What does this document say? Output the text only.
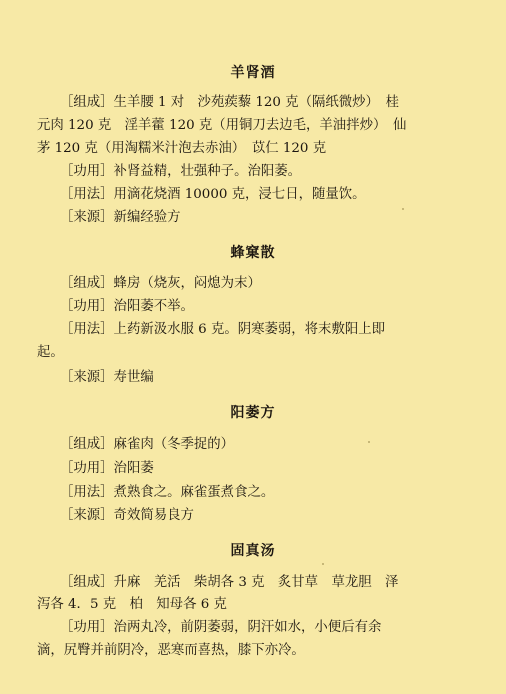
羊肾酒
［组成］生羊腰 1 对　沙苑蒺藜 120 克（隔纸微炒）　桂
元肉 120 克　淫羊藿 120 克（用铜刀去边毛，羊油拌炒）　仙
茅 120 克（用淘糯米汁泡去赤油）　苡仁 120 克
［功用］补肾益精，壮强种子。治阳萎。
［用法］用滴花烧酒 10000 克，浸七日，随量饮。
［来源］新编经验方
蜂窠散
［组成］蜂房（烧灰，闷熄为末）
［功用］治阳萎不举。
［用法］上药新汲水服 6 克。阴寒萎弱，将末敷阳上即
起。
［来源］寿世编
阳萎方
［组成］麻雀肉（冬季捉的）
［功用］治阳萎
［用法］煮熟食之。麻雀蛋煮食之。
［来源］奇效简易良方
固真汤
［组成］升麻　羌活　柴胡各 3 克　炙甘草　草龙胆　泽
泻各 4．5 克　柏　知母各 6 克
［功用］治两丸冷，前阴萎弱，阴汗如水，小便后有余
滴，尻臀并前阴冷，恶寒而喜热，膝下亦冷。
